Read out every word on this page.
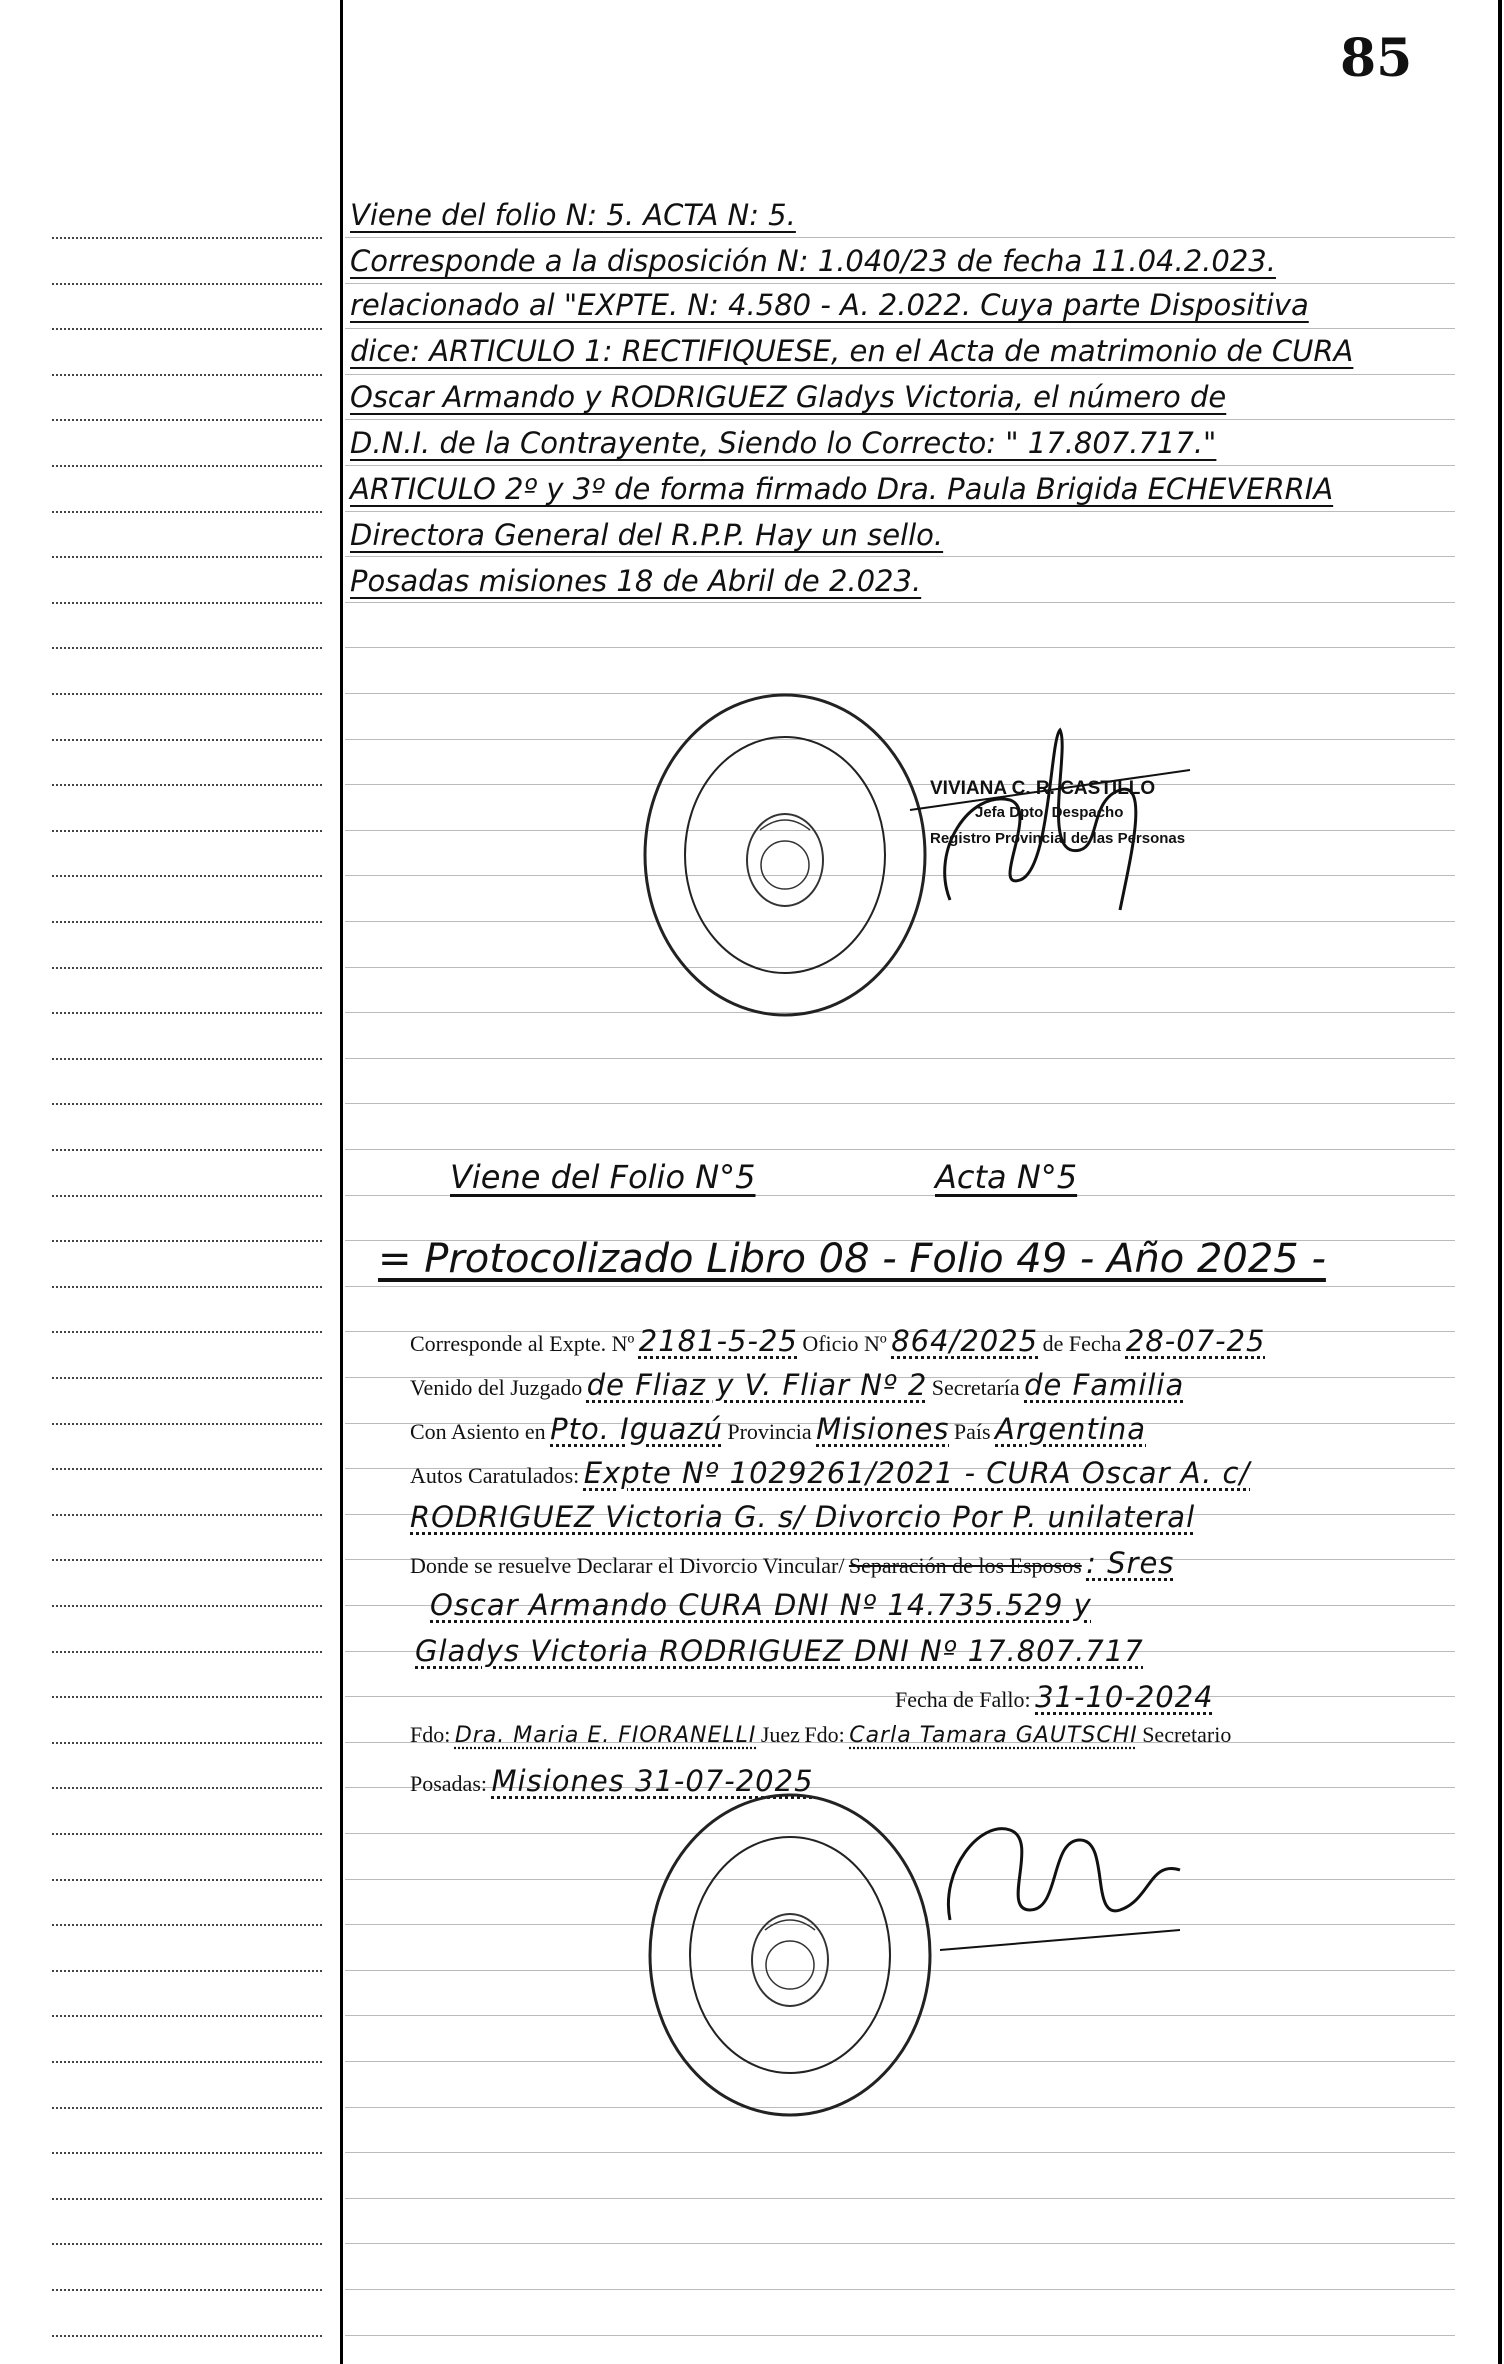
85
Viene del folio N: 5. ACTA N: 5.
Corresponde a la disposición N: 1.040/23 de fecha 11.04.2.023.
relacionado al "EXPTE. N: 4.580 - A. 2.022. Cuya parte Dispositiva
dice: ARTICULO 1: RECTIFIQUESE, en el Acta de matrimonio de CURA
Oscar Armando y RODRIGUEZ Gladys Victoria, el número de
D.N.I. de la Contrayente, Siendo lo Correcto: " 17.807.717."
ARTICULO 2º y 3º de forma firmado Dra. Paula Brigida ECHEVERRIA
Directora General del R.P.P. Hay un sello.
Posadas misiones 18 de Abril de 2.023.
VIVIANA C. R. CASTILLO
Jefa Dpto. Despacho
Registro Provincial de las Personas
Viene del Folio N°5	Acta N°5
= Protocolizado Libro 08 - Folio 49 - Año 2025 -
Corresponde al Expte. Nº 2181-5-25 Oficio Nº 864/2025 de Fecha 28-07-25
Venido del Juzgado de Fliaz y V. Fliar Nº 2 Secretaría de Familia
Con Asiento en Pto. Iguazú Provincia Misiones País Argentina
Autos Caratulados: Expte Nº 1029261/2021 - CURA Oscar A. c/
RODRIGUEZ Victoria G. s/ Divorcio Por P. unilateral
Donde se resuelve Declarar el Divorcio Vincular/ Separación de los Esposos : Sres
Oscar Armando CURA DNI Nº 14.735.529 y
Gladys Victoria RODRIGUEZ DNI Nº 17.807.717
Fecha de Fallo: 31-10-2024
Fdo: Dra. Maria E. FIORANELLI Juez Fdo: Carla Tamara GAUTSCHI Secretario
Posadas: Misiones 31-07-2025
